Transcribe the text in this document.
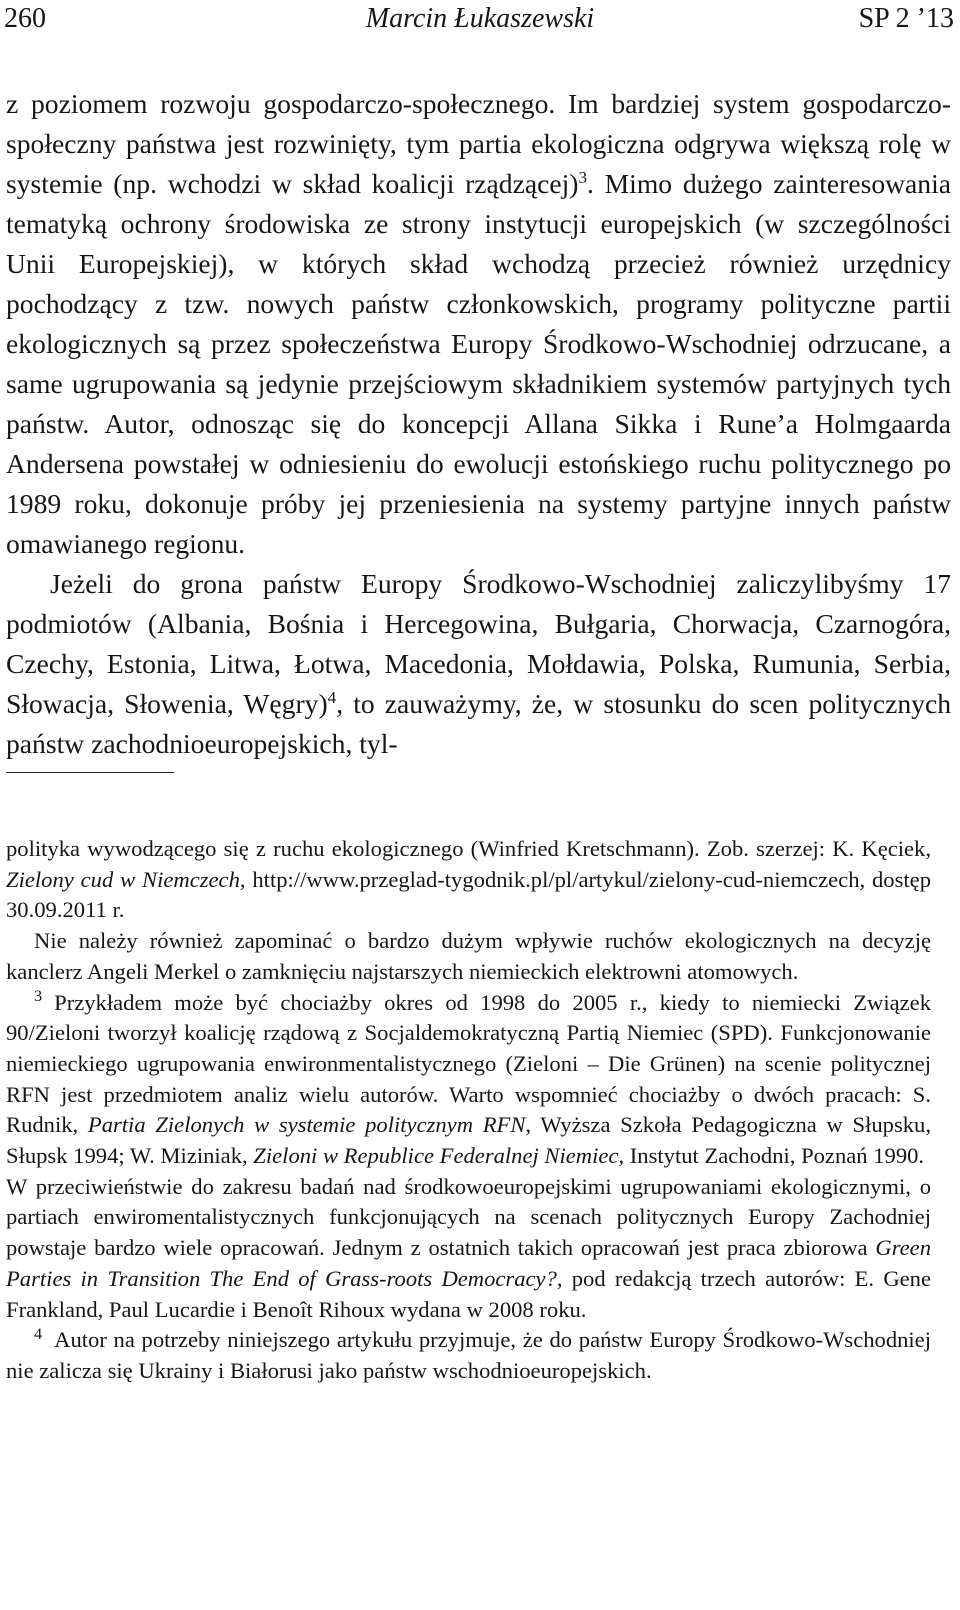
260	Marcin Łukaszewski	SP 2 ’13

z poziomem rozwoju gospodarczo-społecznego. Im bardziej system gospodarczo-społeczny państwa jest rozwinięty, tym partia ekologiczna odgrywa większą rolę w systemie (np. wchodzi w skład koalicji rządzącej)$^3$. Mimo dużego zainteresowania tematyką ochrony środowiska ze strony instytucji europejskich (w szczególności Unii Europejskiej), w których skład wchodzą przecież również urzędnicy pochodzący z tzw. nowych państw członkowskich, programy polityczne partii ekologicznych są przez społeczeństwa Europy Środkowo-Wschodniej odrzucane, a same ugrupowania są jedynie przejściowym składnikiem systemów partyjnych tych państw. Autor, odnosząc się do koncepcji Allana Sikka i Rune’a Holmgaarda Andersena powstałej w odniesieniu do ewolucji estońskiego ruchu politycznego po 1989 roku, dokonuje próby jej przeniesienia na systemy partyjne innych państw omawianego regionu.

Jeżeli do grona państw Europy Środkowo-Wschodniej zaliczylibyśmy 17 podmiotów (Albania, Bośnia i Hercegowina, Bułgaria, Chorwacja, Czarnogóra, Czechy, Estonia, Litwa, Łotwa, Macedonia, Mołdawia, Polska, Rumunia, Serbia, Słowacja, Słowenia, Węgry)$^4$, to zauważymy, że, w stosunku do scen politycznych państw zachodnioeuropejskich, tyl-

polityka wywodzącego się z ruchu ekologicznego (Winfried Kretschmann). Zob. szerzej: K. Kęciek, Zielony cud w Niemczech, http://www.przeglad-tygodnik.pl/pl/artykul/zielony-cud-niemczech, dostęp 30.09.2011 r.

Nie należy również zapominać o bardzo dużym wpływie ruchów ekologicznych na decyzję kanclerz Angeli Merkel o zamknięciu najstarszych niemieckich elektrowni atomowych.

$^3$ Przykładem może być chociażby okres od 1998 do 2005 r., kiedy to niemiecki Związek 90/Zieloni tworzył koalicję rządową z Socjaldemokratyczną Partią Niemiec (SPD). Funkcjonowanie niemieckiego ugrupowania enwironmentalistycznego (Zieloni – Die Grünen) na scenie politycznej RFN jest przedmiotem analiz wielu autorów. Warto wspomnieć chociażby o dwóch pracach: S. Rudnik, Partia Zielonych w systemie politycznym RFN, Wyższa Szkoła Pedagogiczna w Słupsku, Słupsk 1994; W. Miziniak, Zieloni w Republice Federalnej Niemiec, Instytut Zachodni, Poznań 1990.

W przeciwieństwie do zakresu badań nad środkowoeuropejskimi ugrupowaniami ekologicznymi, o partiach enwiromentalistycznych funkcjonujących na scenach politycznych Europy Zachodniej powstaje bardzo wiele opracowań. Jednym z ostatnich takich opracowań jest praca zbiorowa Green Parties in Transition The End of Grass-roots Democracy?, pod redakcją trzech autorów: E. Gene Frankland, Paul Lucardie i Benoît Rihoux wydana w 2008 roku.

$^4$ Autor na potrzeby niniejszego artykułu przyjmuje, że do państw Europy Środkowo-Wschodniej nie zalicza się Ukrainy i Białorusi jako państw wschodnioeuropejskich.
